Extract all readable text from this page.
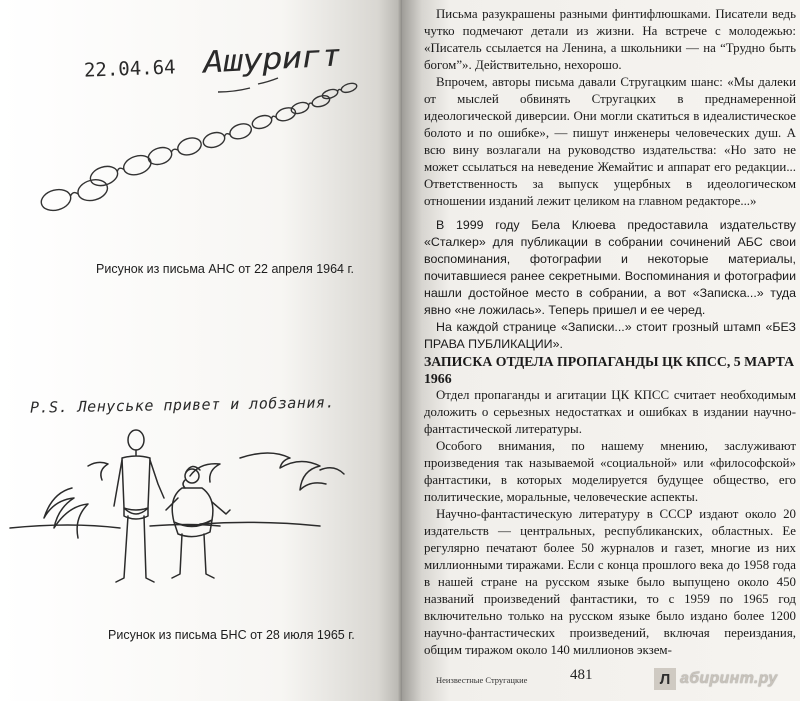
22.04.64 Ашуригт
Рисунок из письма АНС от 22 апреля 1964 г.
P.S. Ленуське привет и лобзания.
Рисунок из письма БНС от 28 июля 1965 г.

Письма разукрашены разными финтифлюшками. Писатели ведь чутко подмечают детали из жизни. На встрече с молодежью: «Писатель ссылается на Ленина, а школьники — на “Трудно быть богом”». Действительно, нехорошо.

Впрочем, авторы письма давали Стругацким шанс: «Мы далеки от мыслей обвинять Стругацких в преднамеренной идеологической диверсии. Они могли скатиться в идеалистическое болото и по ошибке», — пишут инженеры человеческих душ. А всю вину возлагали на руководство издательства: «Но зато не может ссылаться на неведение Жемайтис и аппарат его редакции... Ответственность за выпуск ущербных в идеологическом отношении изданий лежит целиком на главном редакторе...»

В 1999 году Бела Клюева предоставила издательству «Сталкер» для публикации в собрании сочинений АБС свои воспоминания, фотографии и некоторые материалы, почитавшиеся ранее секретными. Воспоминания и фотографии нашли достойное место в собрании, а вот «Записка...» туда явно «не ложилась». Теперь пришел и ее черед.

На каждой странице «Записки...» стоит грозный штамп «БЕЗ ПРАВА ПУБЛИКАЦИИ».

ЗАПИСКА ОТДЕЛА ПРОПАГАНДЫ ЦК КПСС, 5 МАРТА 1966

Отдел пропаганды и агитации ЦК КПСС считает необходимым доложить о серьезных недостатках и ошибках в издании научно-фантастической литературы.

Особого внимания, по нашему мнению, заслуживают произведения так называемой «социальной» или «философской» фантастики, в которых моделируется будущее общество, его политические, моральные, человеческие аспекты.

Научно-фантастическую литературу в СССР издают около 20 издательств — центральных, республиканских, областных. Ее регулярно печатают более 50 журналов и газет, многие из них миллионными тиражами. Если с конца прошлого века до 1958 года в нашей стране на русском языке было выпущено около 450 названий произведений фантастики, то с 1959 по 1965 год включительно только на русском языке было издано более 1200 научно-фантастических произведений, включая переиздания, общим тиражом около 140 миллионов экзем-

Неизвестные Стругацкие	481	Л абиринт.ру
